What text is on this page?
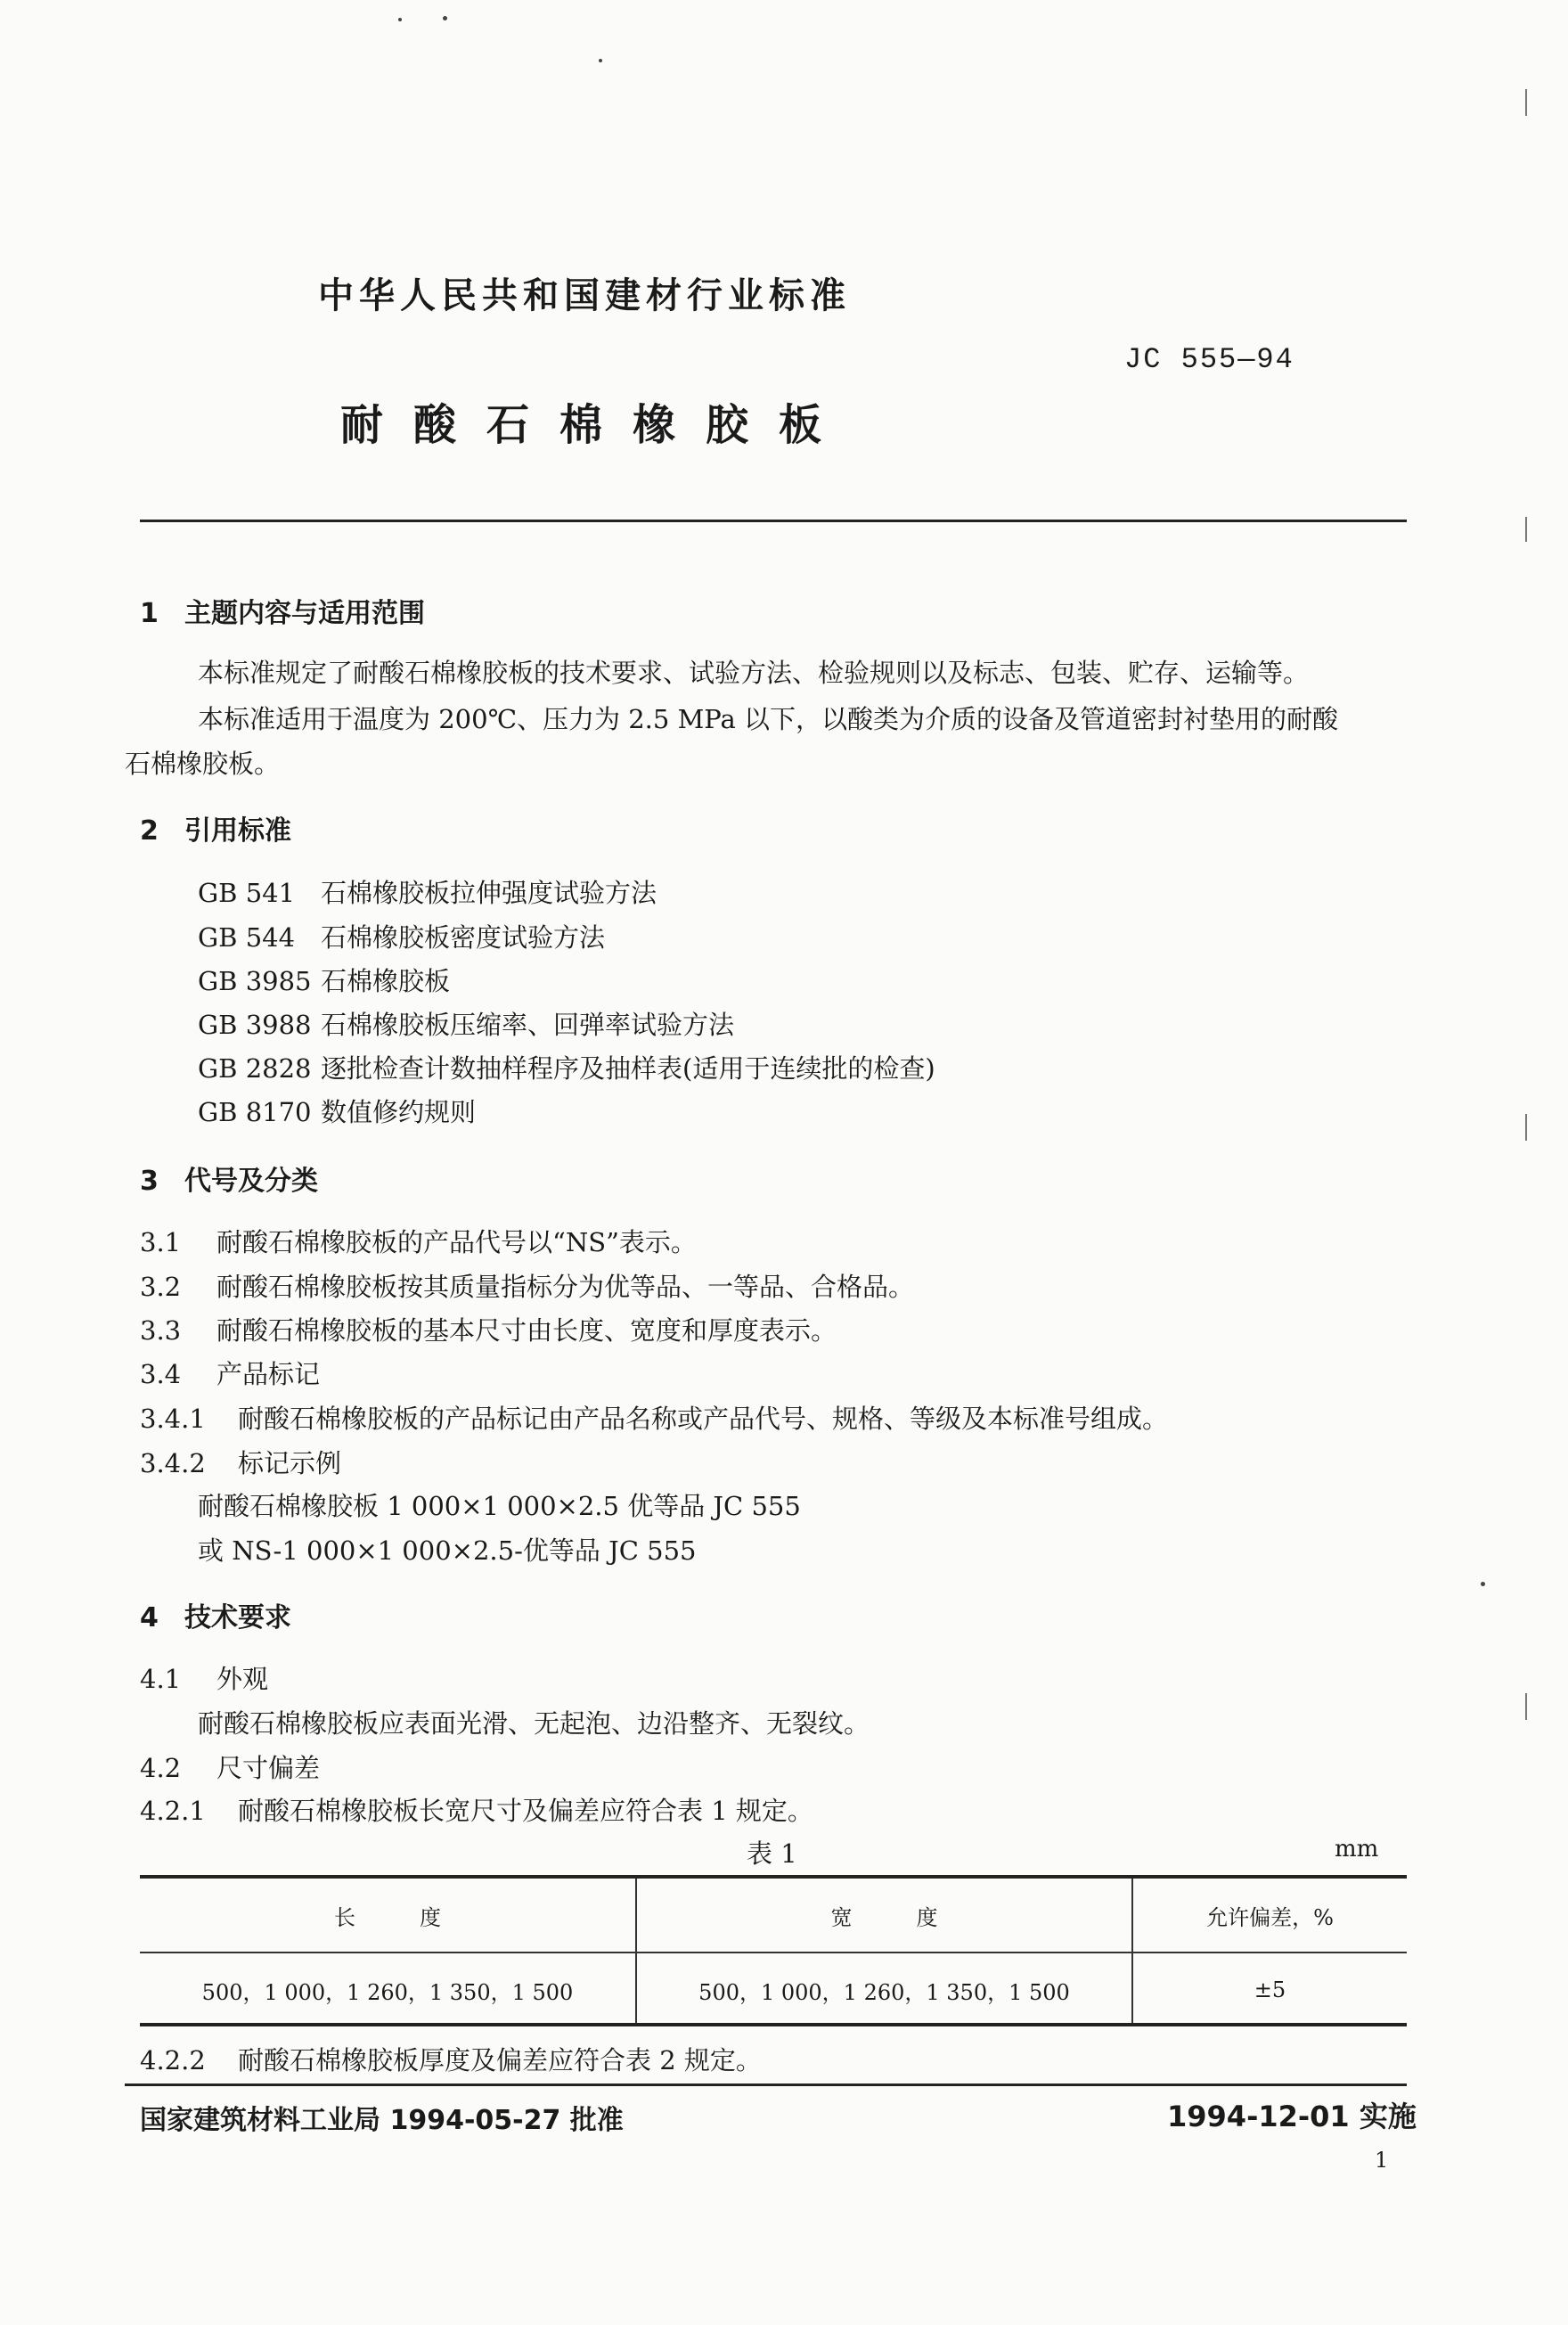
中华人民共和国建材行业标准
JC 555—94
耐酸石棉橡胶板
1 主题内容与适用范围
本标准规定了耐酸石棉橡胶板的技术要求、试验方法、检验规则以及标志、包装、贮存、运输等。
本标准适用于温度为 200℃、压力为 2.5 MPa 以下，以酸类为介质的设备及管道密封衬垫用的耐酸
石棉橡胶板。
2 引用标准
GB 541 石棉橡胶板拉伸强度试验方法
GB 544 石棉橡胶板密度试验方法
GB 3985 石棉橡胶板
GB 3988 石棉橡胶板压缩率、回弹率试验方法
GB 2828 逐批检查计数抽样程序及抽样表(适用于连续批的检查)
GB 8170 数值修约规则
3 代号及分类
3.1 耐酸石棉橡胶板的产品代号以“NS”表示。
3.2 耐酸石棉橡胶板按其质量指标分为优等品、一等品、合格品。
3.3 耐酸石棉橡胶板的基本尺寸由长度、宽度和厚度表示。
3.4 产品标记
3.4.1 耐酸石棉橡胶板的产品标记由产品名称或产品代号、规格、等级及本标准号组成。
3.4.2 标记示例
耐酸石棉橡胶板 1 000×1 000×2.5 优等品 JC 555
或 NS-1 000×1 000×2.5-优等品 JC 555
4 技术要求
4.1 外观
耐酸石棉橡胶板应表面光滑、无起泡、边沿整齐、无裂纹。
4.2 尺寸偏差
4.2.1 耐酸石棉橡胶板长宽尺寸及偏差应符合表 1 规定。
表 1	mm
长　　　度	宽　　　度	允许偏差，%
500，1 000，1 260，1 350，1 500	500，1 000，1 260，1 350，1 500	±5
4.2.2 耐酸石棉橡胶板厚度及偏差应符合表 2 规定。
国家建筑材料工业局 1994-05-27 批准	1994-12-01 实施
1
